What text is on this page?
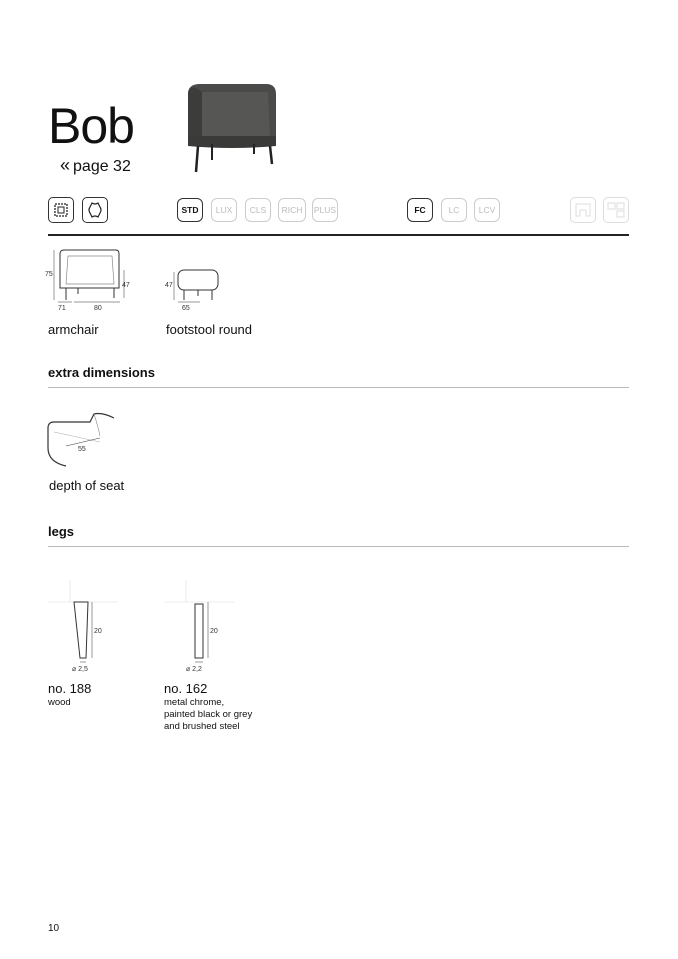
Bob
« page 32
STD	LUX	CLS	RICH	PLUS	FC	LC	LCV
75
47
71	80
armchair
47
65
footstool round
extra dimensions
55
depth of seat
legs
20
⌀ 2,5
no. 188
wood
20
⌀ 2,2
no. 162
metal chrome,
painted black or grey
and brushed steel
10
